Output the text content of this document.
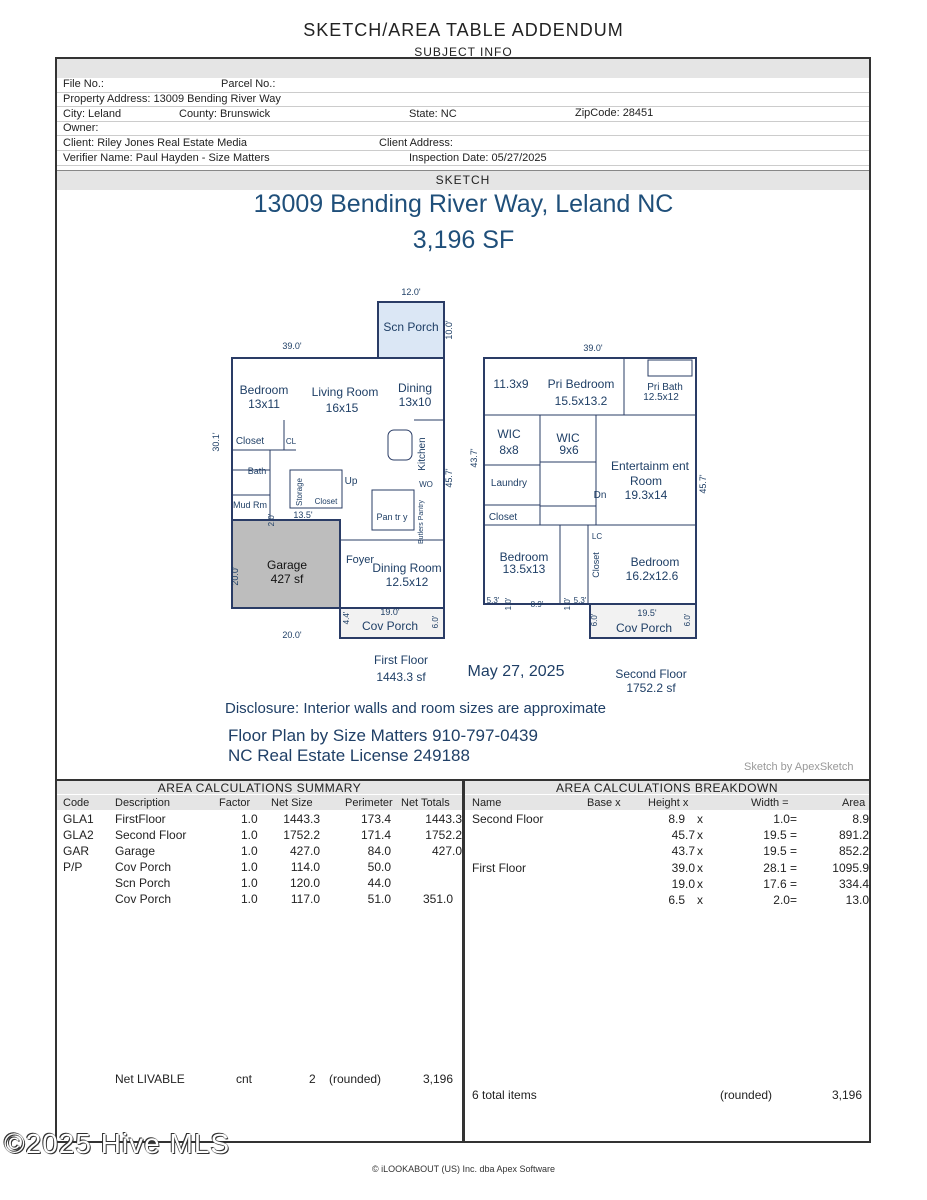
SKETCH/AREA TABLE ADDENDUM
SUBJECT INFO
File No.:	Parcel No.:
Property Address: 13009 Bending River Way
City: Leland	County: Brunswick	State: NC	ZipCode: 28451
Owner:
Client: Riley Jones Real Estate Media	Client Address:
Verifier Name: Paul Hayden - Size Matters	Inspection Date: 05/27/2025
SKETCH
13009 Bending River Way, Leland NC
3,196 SF
Scn Porch
12.0'
10.0'
39.0'
Bedroom
13x11
Living Room
16x15
Dining
13x10
Closet	CL
Bath
Mud Rm	Storage Closet
Up
Kitchen
WO
Pan tr y Butlers Pantry
30.1'
45.7'
13.5'
2.0'
Garage
427 sf
20.0'
20.0'
Foyer
Dining Room
12.5x12
4.4'	19.0'
Cov Porch 6.0'
39.0'
11.3x9 Pri Bedroom
15.5x13.2
Pri Bath
12.5x12
WIC
8x8
WIC
9x6
Entertainm ent
Room
19.3x14
Laundry
Dn
Closet
43.7'
45.7'
Bedroom
13.5x13
LC
Closet Bedroom
16.2x12.6
5.3' 1.0' 8.9' 1.0' 5.3'
19.5'
6.0'	6.0'
Cov Porch
First Floor
1443.3 sf	May 27, 2025	Second Floor
1752.2 sf
Disclosure: Interior walls and room sizes are approximate
Floor Plan by Size Matters 910-797-0439
NC Real Estate License 249188
Sketch by ApexSketch
AREA CALCULATIONS SUMMARY
Code Description	Factor Net Size	Perimeter Net Totals
GLA1 FirstFloor	1.0 1443.3	173.4	1443.3
GLA2 Second Floor	1.0 1752.2	171.4	1752.2
GAR Garage	1.0	427.0	84.0	427.0
P/P	Cov Porch	1.0	114.0	50.0
Scn Porch	1.0	120.0	44.0
Cov Porch	1.0	117.0	51.0	351.0
Net LIVABLE	cnt	2 (rounded)	3,196
AREA CALCULATIONS BREAKDOWN
Name	Base x Height x	Width =	Area
Second Floor	8.9 x	1.0=	8.9
45.7 x	19.5 =	891.2
43.7 x	19.5 =	852.2
First Floor	39.0 x	28.1 =	1095.9
19.0 x	17.6 =	334.4
6.5 x	2.0=	13.0
6 total items	(rounded)	3,196
©2025 Hive MLS
© iLOOKABOUT (US) Inc. dba Apex Software
